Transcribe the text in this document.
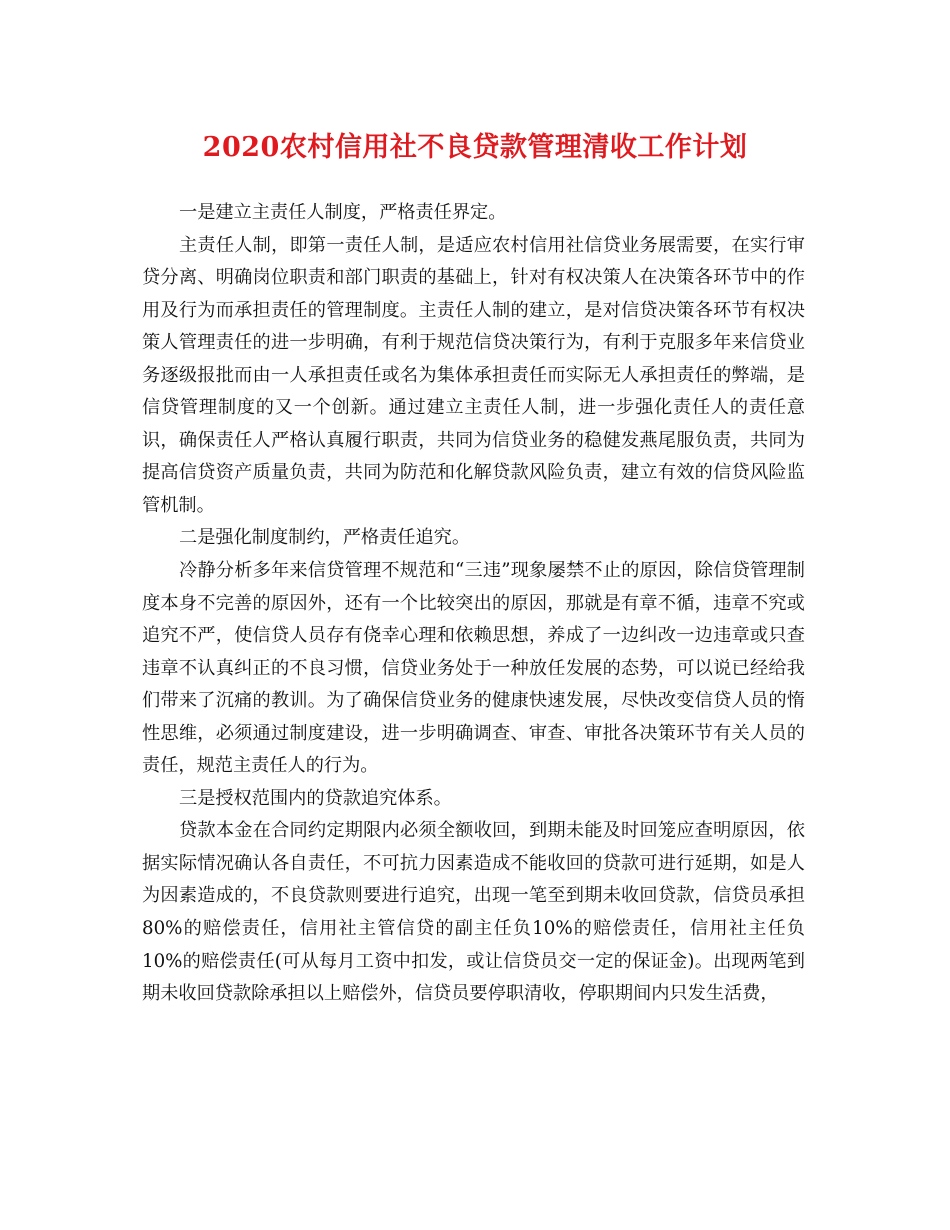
2020农村信用社不良贷款管理清收工作计划

一是建立主责任人制度，严格责任界定。

主责任人制，即第一责任人制，是适应农村信用社信贷业务展需要，在实行审贷分离、明确岗位职责和部门职责的基础上，针对有权决策人在决策各环节中的作用及行为而承担责任的管理制度。主责任人制的建立，是对信贷决策各环节有权决策人管理责任的进一步明确，有利于规范信贷决策行为，有利于克服多年来信贷业务逐级报批而由一人承担责任或名为集体承担责任而实际无人承担责任的弊端，是信贷管理制度的又一个创新。通过建立主责任人制，进一步强化责任人的责任意识，确保责任人严格认真履行职责，共同为信贷业务的稳健发燕尾服负责，共同为提高信贷资产质量负责，共同为防范和化解贷款风险负责，建立有效的信贷风险监管机制。

二是强化制度制约，严格责任追究。

冷静分析多年来信贷管理不规范和“三违”现象屡禁不止的原因，除信贷管理制度本身不完善的原因外，还有一个比较突出的原因，那就是有章不循，违章不究或追究不严，使信贷人员存有侥幸心理和依赖思想，养成了一边纠改一边违章或只查违章不认真纠正的不良习惯，信贷业务处于一种放任发展的态势，可以说已经给我们带来了沉痛的教训。为了确保信贷业务的健康快速发展，尽快改变信贷人员的惰性思维，必须通过制度建设，进一步明确调查、审查、审批各决策环节有关人员的责任，规范主责任人的行为。

三是授权范围内的贷款追究体系。

贷款本金在合同约定期限内必须全额收回，到期未能及时回笼应查明原因，依据实际情况确认各自责任，不可抗力因素造成不能收回的贷款可进行延期，如是人为因素造成的，不良贷款则要进行追究，出现一笔至到期未收回贷款，信贷员承担80%的赔偿责任，信用社主管信贷的副主任负10%的赔偿责任，信用社主任负10%的赔偿责任(可从每月工资中扣发，或让信贷员交一定的保证金)。出现两笔到期未收回贷款除承担以上赔偿外，信贷员要停职清收，停职期间内只发生活费，
